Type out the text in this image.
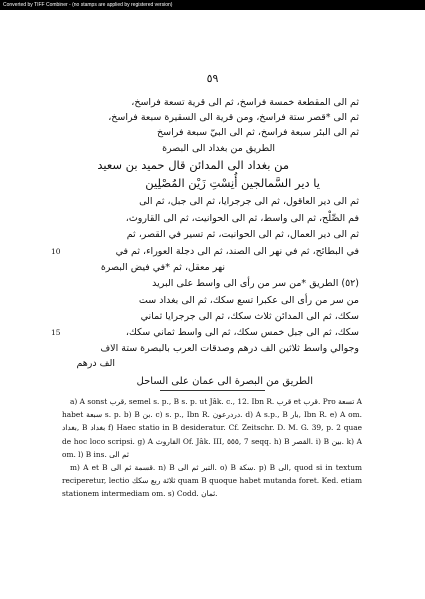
Converted by TIFF Combiner - (no stamps are applied by registered version)
٥٩
ثم الى المقطعة خمسة فراسخ، ثم الى قرية تسعة فراسخ،
ثم الى *قصر ستة فراسخ، ومن قرية الى السقيرة سبعة فراسخ،
ثم الى البئر سبعة فراسخ، ثم الى البيّ سبعة فراسخ
الطريق من بغداد الى البصرة
من بغداد الى المدائن قال حميد بن سعيد
يا دير السَّمالجين أُنِسْتِ زَيْن المُصْلِين
ثم الى دير العاقول، ثم الى جرجرايا، ثم الى جبل، ثم الى
فم الصِّلْح، ثم الى واسط، ثم الى الحوانيت، ثم الى القاروث،
ثم الى دير العمال، ثم الى الحوانيت، ثم تسير في القصر، ثم
في البطائح، ثم في نهر الى الصند، ثم الى دجلة العوراء، ثم في
نهر معقل، ثم *في فيض البصرة
(٥٢) الطريق *من سر من رأى الى واسط على البريد
من سر من رأى الى عكبرا تسع سكك، ثم الى بغداد ست
سكك، ثم الى المدائن ثلاث سكك، ثم الى جرجرايا ثماني
سكك، ثم الى جبل خمس سكك، ثم الى واسط ثماني سكك،
وجوالي واسط ثلاثين الف درهم وصدقات العرب بالبصرة ستة الاف
الف درهم
10
15
الطريق من البصرة الى عمان على الساحل

a) A sonst قرب, semel s. p., B s. p. ut Jâk. c., 12. Ibn R. قرب et قرب. Pro تسعة A habet سبعة s. p. b) B بن. c) s. p., Ibn R. دردرعون. d) A s.p., B بار, Ibn R. e) A om. بغداد, B بغداد f) Haec statio in B desideratur. Cf. Zeitschr. D. M. G. 39, p. 2 quae de hoc loco scripsi. g) A القاروث Of. Jâk. III, ٥٥٥, 7 seqq. h) B القصر. i) B بين. k) A om. l) B ins. ثم الى

m) A et B قسمة ثم الى. n) B التبر ثم الى. o) B سكة. p) B الى, quod si in textum reciperetur, lectio ثلاثة ربع سكك quam B quoque habet mutanda foret. Ked. etiam stationem intermediam om. s) Codd. ثمان.
